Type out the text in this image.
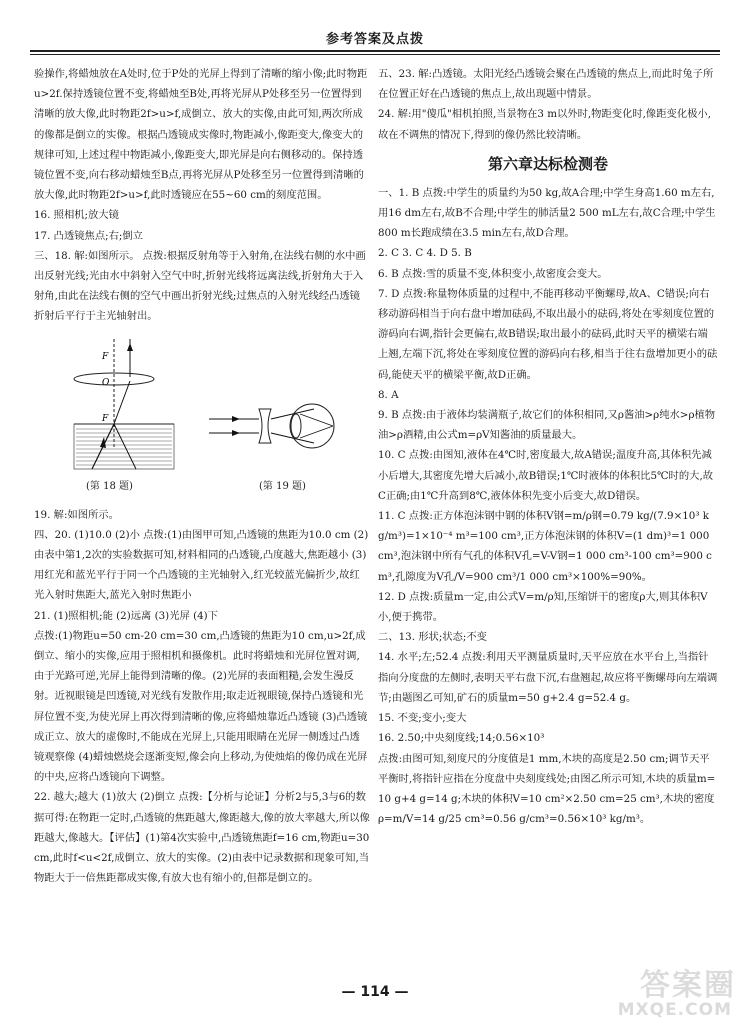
参考答案及点拨

验操作,将蜡烛放在A处时,位于P处的光屏上得到了清晰的缩小像;此时物距u>2f.保持透镜位置不变,将蜡烛至B处,再将光屏从P处移至另一位置得到清晰的放大像,此时物距2f>u>f,成倒立、放大的实像,由此可知,两次所成的像都是倒立的实像。根据凸透镜成实像时,物距减小,像距变大,像变大的规律可知,上述过程中物距减小,像距变大,即光屏是向右侧移动的。保持透镜位置不变,向右移动蜡烛至B点,再将光屏从P处移至另一位置得到清晰的放大像,此时物距2f>u>f,此时透镜应在55~60 cm的刻度范围。

16. 照相机;放大镜

17. 凸透镜焦点;右;倒立

三、18. 解:如图所示。 点拨:根据反射角等于入射角,在法线右侧的水中画出反射光线;光由水中斜射入空气中时,折射光线将远离法线,折射角大于入射角,由此在法线右侧的空气中画出折射光线;过焦点的入射光线经凸透镜折射后平行于主光轴射出。

F
O
F
(第 18 题)	(第 19 题)

19. 解:如图所示。

四、20. (1)10.0 (2)小 点拨:(1)由图甲可知,凸透镜的焦距为10.0 cm (2)由表中第1,2次的实验数据可知,材料相同的凸透镜,凸度越大,焦距越小 (3)用红光和蓝光平行于同一个凸透镜的主光轴射入,红光较蓝光偏折少,故红光入射时焦距大,蓝光入射时焦距小

21. (1)照相机;能 (2)远离 (3)光屏 (4)下

点拨:(1)物距u=50 cm-20 cm=30 cm,凸透镜的焦距为10 cm,u>2f,成倒立、缩小的实像,应用于照相机和摄像机。此时将蜡烛和光屏位置对调,由于光路可逆,光屏上能得到清晰的像。(2)光屏的表面粗糙,会发生漫反射。近视眼镜是凹透镜,对光线有发散作用;取走近视眼镜,保持凸透镜和光屏位置不变,为使光屏上再次得到清晰的像,应将蜡烛靠近凸透镜 (3)凸透镜成正立、放大的虚像时,不能成在光屏上,只能用眼睛在光屏一侧透过凸透镜观察像 (4)蜡烛燃烧会逐渐变短,像会向上移动,为使烛焰的像仍成在光屏的中央,应将凸透镜向下调整。

22. 越大;越大 (1)放大 (2)倒立 点拨:【分析与论证】分析2与5,3与6的数据可得:在物距一定时,凸透镜的焦距越大,像距越大,像的放大率越大,所以像距越大,像越大。【评估】(1)第4次实验中,凸透镜焦距f=16 cm,物距u=30 cm,此时f<u<2f,成倒立、放大的实像。(2)由表中记录数据和现象可知,当物距大于一倍焦距都成实像,有放大也有缩小的,但都是倒立的。

五、23. 解:凸透镜。太阳光经凸透镜会聚在凸透镜的焦点上,而此时兔子所在位置正好在凸透镜的焦点上,故出现题中情景。

24. 解:用"傻瓜"相机拍照,当景物在3 m以外时,物距变化时,像距变化极小,故在不调焦的情况下,得到的像仍然比较清晰。

第六章达标检测卷

一、1. B 点拨:中学生的质量约为50 kg,故A合理;中学生身高1.60 m左右,用16 dm左右,故B不合理;中学生的肺活量2 500 mL左右,故C合理;中学生800 m长跑成绩在3.5 min左右,故D合理。

2. C 3. C 4. D 5. B

6. B 点拨:雪的质量不变,体积变小,故密度会变大。

7. D 点拨:称量物体质量的过程中,不能再移动平衡螺母,故A、C错误;向右移动游码相当于向右盘中增加砝码,不取出最小的砝码,将处在零刻度位置的游码向右调,指针会更偏右,故B错误;取出最小的砝码,此时天平的横梁右端上翘,左端下沉,将处在零刻度位置的游码向右移,相当于往右盘增加更小的砝码,能使天平的横梁平衡,故D正确。

8. A

9. B 点拨:由于液体均装满瓶子,故它们的体积相同,又ρ酱油>ρ纯水>ρ植物油>ρ酒精,由公式m=ρV知酱油的质量最大。

10. C 点拨:由图知,液体在4℃时,密度最大,故A错误;温度升高,其体积先减小后增大,其密度先增大后减小,故B错误;1℃时液体的体积比5℃时的大,故C正确;由1℃升高到8℃,液体体积先变小后变大,故D错误。

11. C 点拨:正方体泡沫钢中钢的体积V钢=m/ρ钢=0.79 kg/(7.9×10³ kg/m³)=1×10⁻⁴ m³=100 cm³,正方体泡沫钢的体积V=(1 dm)³=1 000 cm³,泡沫钢中所有气孔的体积V孔=V-V钢=1 000 cm³-100 cm³=900 cm³,孔隙度为V孔/V=900 cm³/1 000 cm³×100%=90%。

12. D 点拨:质量m一定,由公式V=m/ρ知,压缩饼干的密度ρ大,则其体积V小,便于携带。

二、13. 形状;状态;不变

14. 水平;左;52.4 点拨:利用天平测量质量时,天平应放在水平台上,当指针指向分度盘的左侧时,表明天平右盘下沉,右盘翘起,故应将平衡螺母向左端调节;由题图乙可知,矿石的质量m=50 g+2.4 g=52.4 g。

15. 不变;变小;变大

16. 2.50;中央刻度线;14;0.56×10³

点拨:由图可知,刻度尺的分度值是1 mm,木块的高度是2.50 cm;调节天平平衡时,将指针应指在分度盘中央刻度线处;由图乙所示可知,木块的质量m=10 g+4 g=14 g;木块的体积V=10 cm²×2.50 cm=25 cm³,木块的密度ρ=m/V=14 g/25 cm³=0.56 g/cm³=0.56×10³ kg/m³。

— 114 —	答案圈
MXQE.COM
